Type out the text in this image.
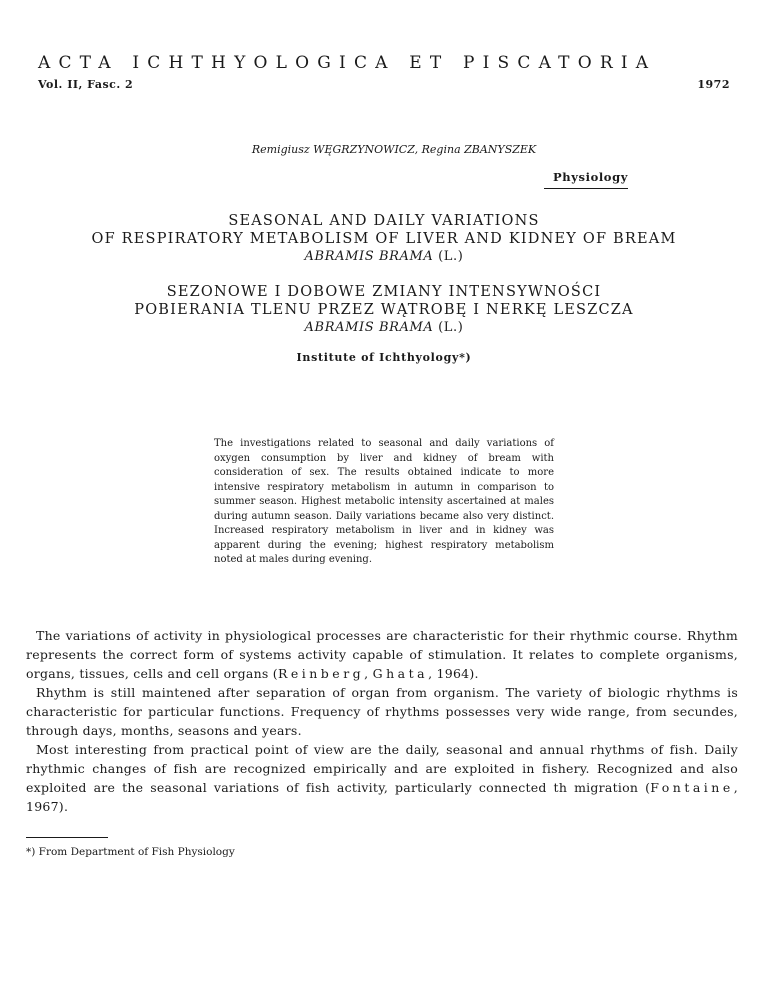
ACTA ICHTHYOLOGICA ET PISCATORIA
Vol. II, Fasc. 2	1972
Remigiusz WĘGRZYNOWICZ, Regina ZBANYSZEK
Physiology
SEASONAL AND DAILY VARIATIONS
OF RESPIRATORY METABOLISM OF LIVER AND KIDNEY OF BREAM
ABRAMIS BRAMA (L.)
SEZONOWE I DOBOWE ZMIANY INTENSYWNOŚCI
POBIERANIA TLENU PRZEZ WĄTROBĘ I NERKĘ LESZCZA
ABRAMIS BRAMA (L.)
Institute of Ichthyology*)
The investigations related to seasonal and daily variations of oxygen consumption by liver and kidney of bream with consideration of sex. The results obtained indicate to more intensive respiratory metabolism in autumn in comparison to summer season. Highest metabolic intensity ascertained at males during autumn season. Daily variations became also very distinct. Increased respiratory metabolism in liver and in kidney was apparent during the evening; highest respiratory metabolism noted at males during evening.

The variations of activity in physiological processes are characteristic for their rhythmic course. Rhythm represents the correct form of systems activity capable of stimulation. It relates to complete organisms, organs, tissues, cells and cell organs (Reinberg, Ghata, 1964).

Rhythm is still maintened after separation of organ from organism. The variety of biologic rhythms is characteristic for particular functions. Frequency of rhythms possesses very wide range, from secundes, through days, months, seasons and years.

Most interesting from practical point of view are the daily, seasonal and annual rhythms of fish. Daily rhythmic changes of fish are recognized empirically and are exploited in fishery. Recognized and also exploited are the seasonal variations of fish activity, particularly connected th migration (Fontaine, 1967).

*) From Department of Fish Physiology
